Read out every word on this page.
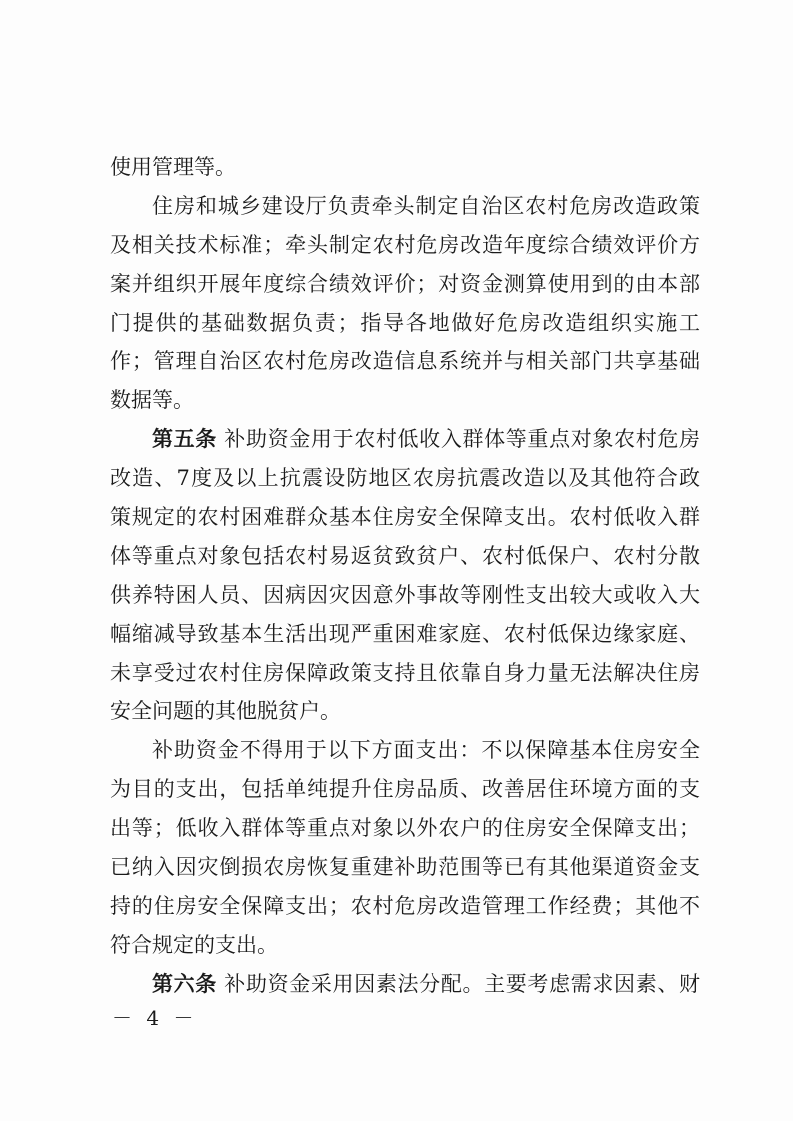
使用管理等。
住房和城乡建设厅负责牵头制定自治区农村危房改造政策
及相关技术标准；牵头制定农村危房改造年度综合绩效评价方
案并组织开展年度综合绩效评价；对资金测算使用到的由本部
门提供的基础数据负责；指导各地做好危房改造组织实施工
作；管理自治区农村危房改造信息系统并与相关部门共享基础
数据等。
第五条 补助资金用于农村低收入群体等重点对象农村危房
改造、7度及以上抗震设防地区农房抗震改造以及其他符合政
策规定的农村困难群众基本住房安全保障支出。农村低收入群
体等重点对象包括农村易返贫致贫户、农村低保户、农村分散
供养特困人员、因病因灾因意外事故等刚性支出较大或收入大
幅缩减导致基本生活出现严重困难家庭、农村低保边缘家庭、
未享受过农村住房保障政策支持且依靠自身力量无法解决住房
安全问题的其他脱贫户。
补助资金不得用于以下方面支出：不以保障基本住房安全
为目的支出，包括单纯提升住房品质、改善居住环境方面的支
出等；低收入群体等重点对象以外农户的住房安全保障支出；
已纳入因灾倒损农房恢复重建补助范围等已有其他渠道资金支
持的住房安全保障支出；农村危房改造管理工作经费；其他不
符合规定的支出。
第六条 补助资金采用因素法分配。主要考虑需求因素、财
－ 4 －
